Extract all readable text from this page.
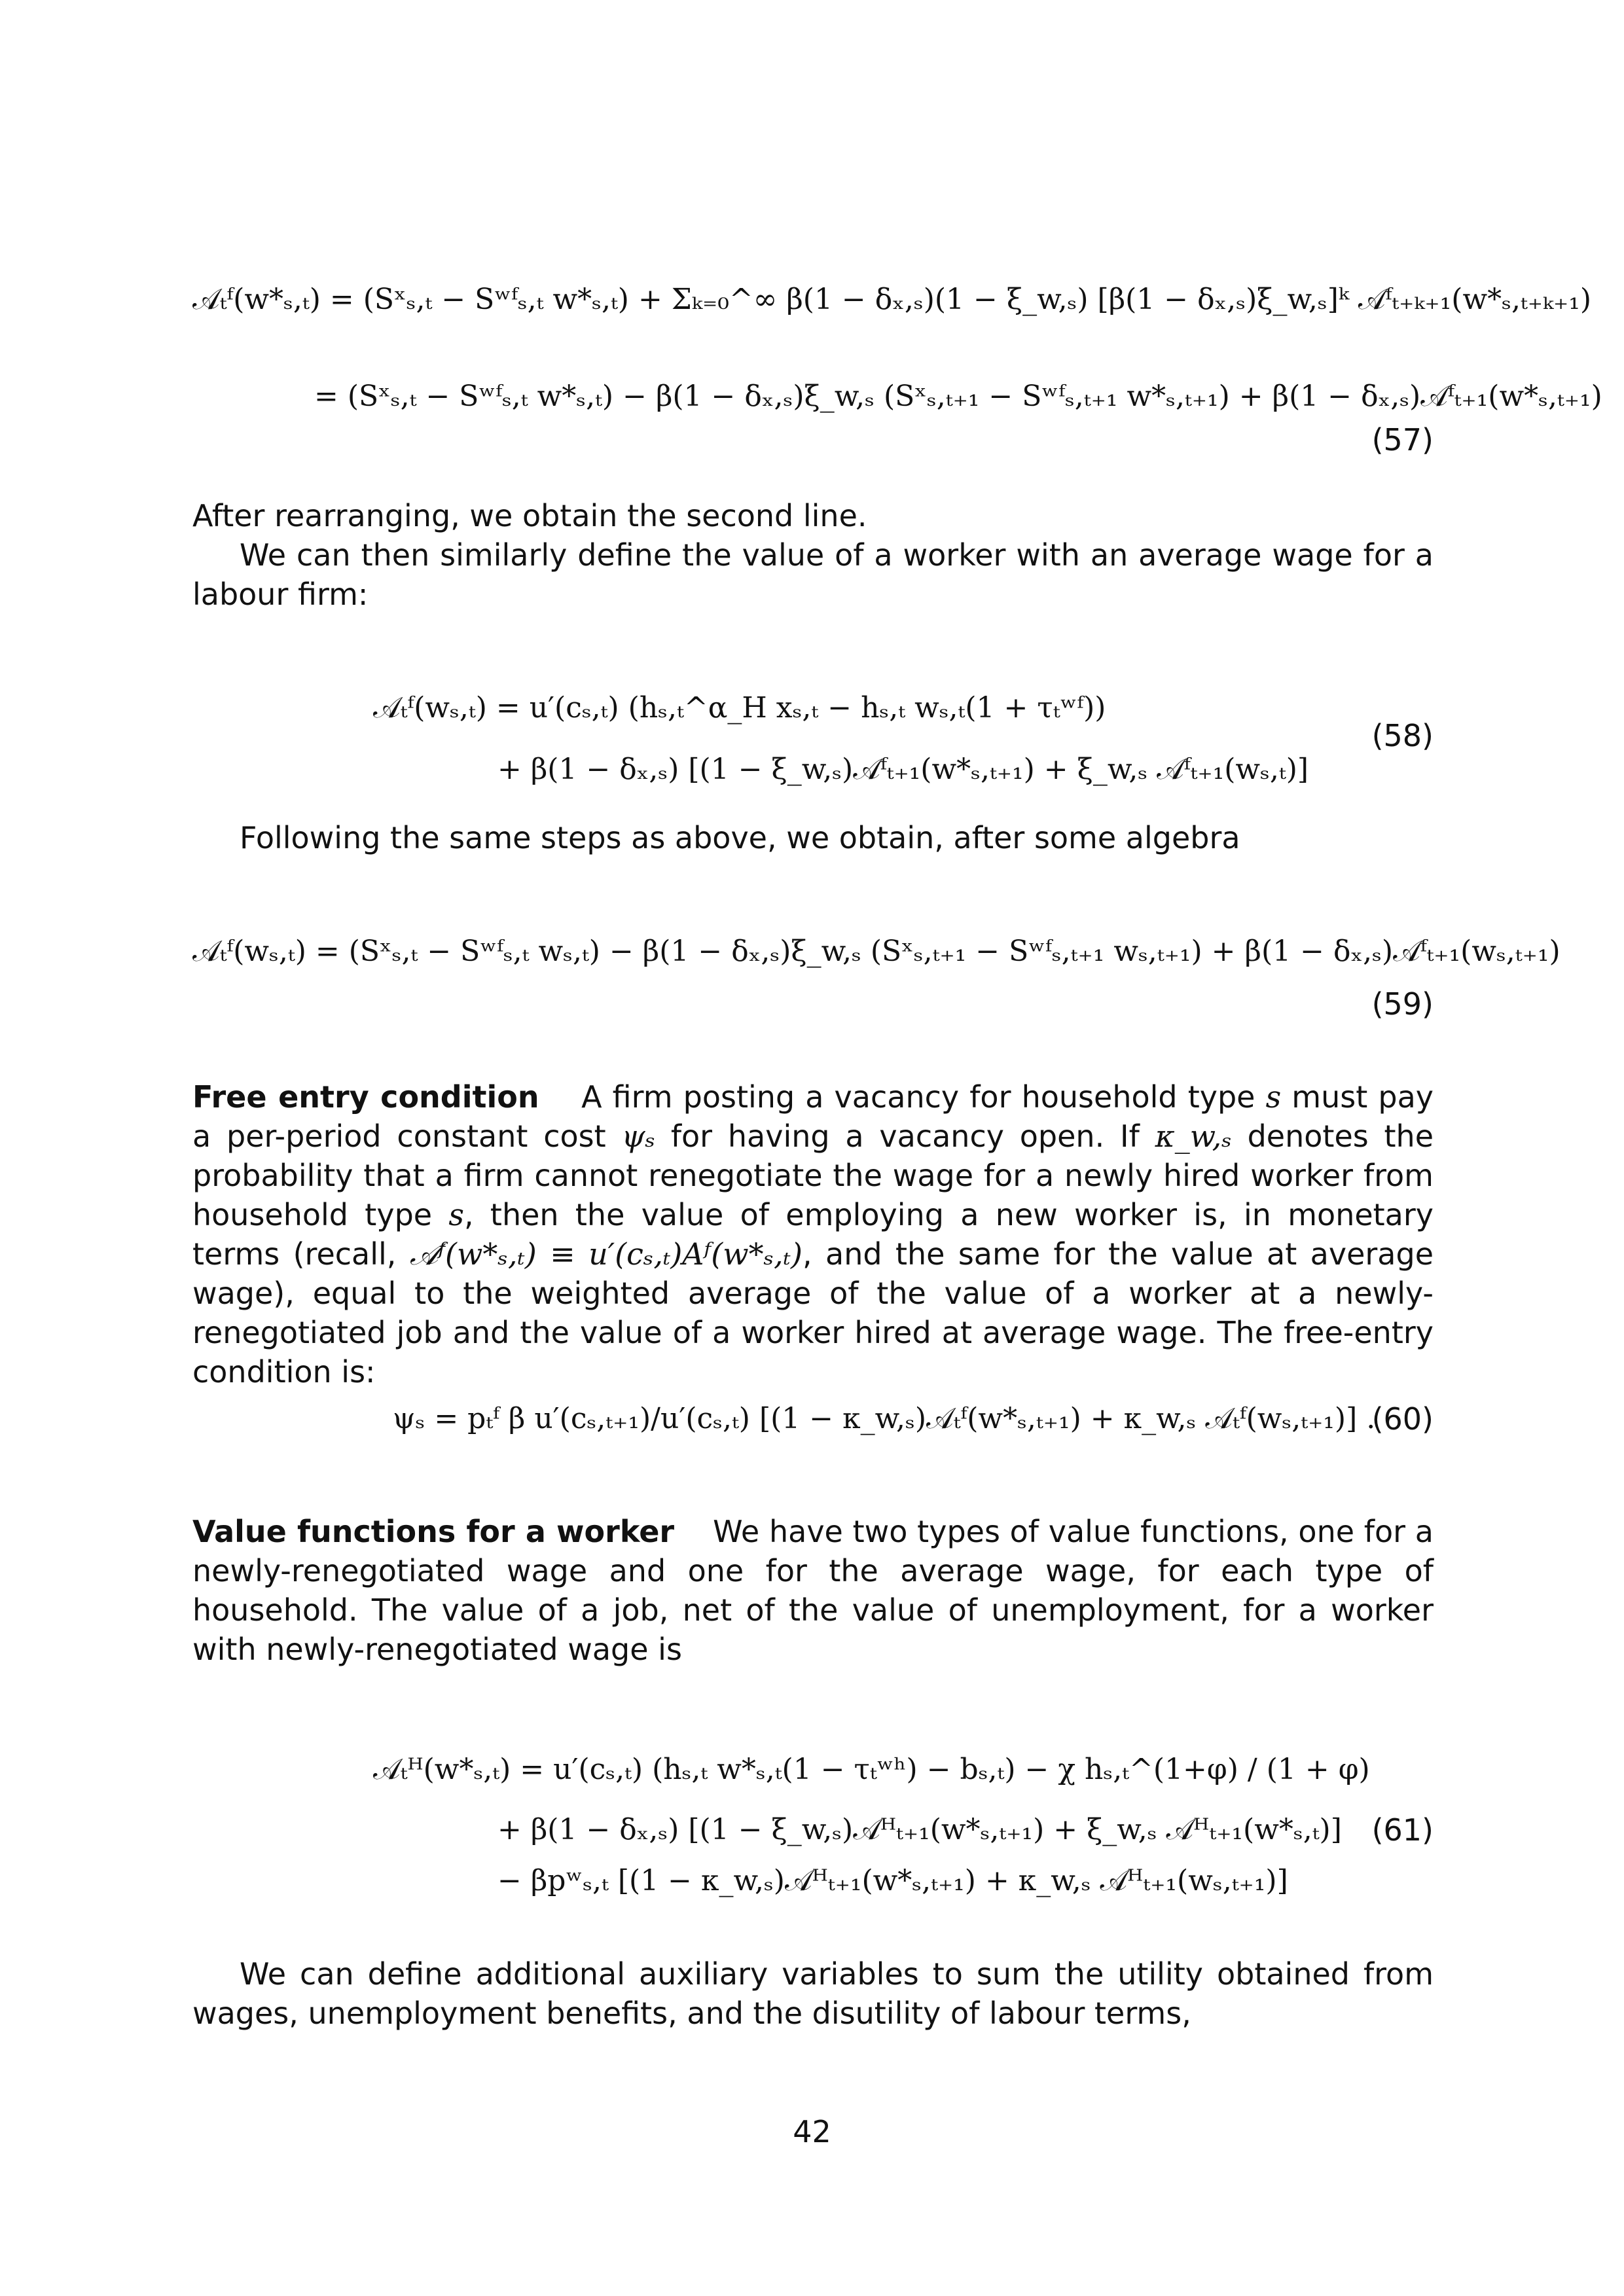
𝒜ₜᶠ(w*ₛ,ₜ) = (Sˣₛ,ₜ − Sʷᶠₛ,ₜ w*ₛ,ₜ) + Σₖ₌₀^∞ β(1 − δₓ,ₛ)(1 − ξ_w,ₛ) [β(1 − δₓ,ₛ)ξ_w,ₛ]ᵏ 𝒜ᶠₜ₊ₖ₊₁(w*ₛ,ₜ₊ₖ₊₁)
= (Sˣₛ,ₜ − Sʷᶠₛ,ₜ w*ₛ,ₜ) − β(1 − δₓ,ₛ)ξ_w,ₛ (Sˣₛ,ₜ₊₁ − Sʷᶠₛ,ₜ₊₁ w*ₛ,ₜ₊₁) + β(1 − δₓ,ₛ)𝒜ᶠₜ₊₁(w*ₛ,ₜ₊₁)
(57)
After rearranging, we obtain the second line.
We can then similarly define the value of a worker with an average wage for a labour firm:
𝒜ₜᶠ(wₛ,ₜ) = u′(cₛ,ₜ) (hₛ,ₜ^α_H xₛ,ₜ − hₛ,ₜ wₛ,ₜ(1 + τₜʷᶠ))
+ β(1 − δₓ,ₛ) [(1 − ξ_w,ₛ)𝒜ᶠₜ₊₁(w*ₛ,ₜ₊₁) + ξ_w,ₛ 𝒜ᶠₜ₊₁(wₛ,ₜ)]
(58)
Following the same steps as above, we obtain, after some algebra
𝒜ₜᶠ(wₛ,ₜ) = (Sˣₛ,ₜ − Sʷᶠₛ,ₜ wₛ,ₜ) − β(1 − δₓ,ₛ)ξ_w,ₛ (Sˣₛ,ₜ₊₁ − Sʷᶠₛ,ₜ₊₁ wₛ,ₜ₊₁) + β(1 − δₓ,ₛ)𝒜ᶠₜ₊₁(wₛ,ₜ₊₁)
(59)
Free entry condition A firm posting a vacancy for household type s must pay a per-period constant cost ψₛ for having a vacancy open. If κ_w,ₛ denotes the probability that a firm cannot renegotiate the wage for a newly hired worker from household type s, then the value of employing a new worker is, in monetary terms (recall, 𝒜ᶠ(w*ₛ,ₜ) ≡ u′(cₛ,ₜ)Aᶠ(w*ₛ,ₜ), and the same for the value at average wage), equal to the weighted average of the value of a worker at a newly-renegotiated job and the value of a worker hired at average wage. The free-entry condition is:
ψₛ = pₜᶠ β u′(cₛ,ₜ₊₁)/u′(cₛ,ₜ) [(1 − κ_w,ₛ)𝒜ₜᶠ(w*ₛ,ₜ₊₁) + κ_w,ₛ 𝒜ₜᶠ(wₛ,ₜ₊₁)] .
(60)
Value functions for a worker We have two types of value functions, one for a newly-renegotiated wage and one for the average wage, for each type of household. The value of a job, net of the value of unemployment, for a worker with newly-renegotiated wage is
𝒜ₜᴴ(w*ₛ,ₜ) = u′(cₛ,ₜ) (hₛ,ₜ w*ₛ,ₜ(1 − τₜʷʰ) − bₛ,ₜ) − χ hₛ,ₜ^(1+φ) / (1 + φ)
+ β(1 − δₓ,ₛ) [(1 − ξ_w,ₛ)𝒜ᴴₜ₊₁(w*ₛ,ₜ₊₁) + ξ_w,ₛ 𝒜ᴴₜ₊₁(w*ₛ,ₜ)]
− βpʷₛ,ₜ [(1 − κ_w,ₛ)𝒜ᴴₜ₊₁(w*ₛ,ₜ₊₁) + κ_w,ₛ 𝒜ᴴₜ₊₁(wₛ,ₜ₊₁)]
(61)
We can define additional auxiliary variables to sum the utility obtained from wages, unemployment benefits, and the disutility of labour terms,
42
